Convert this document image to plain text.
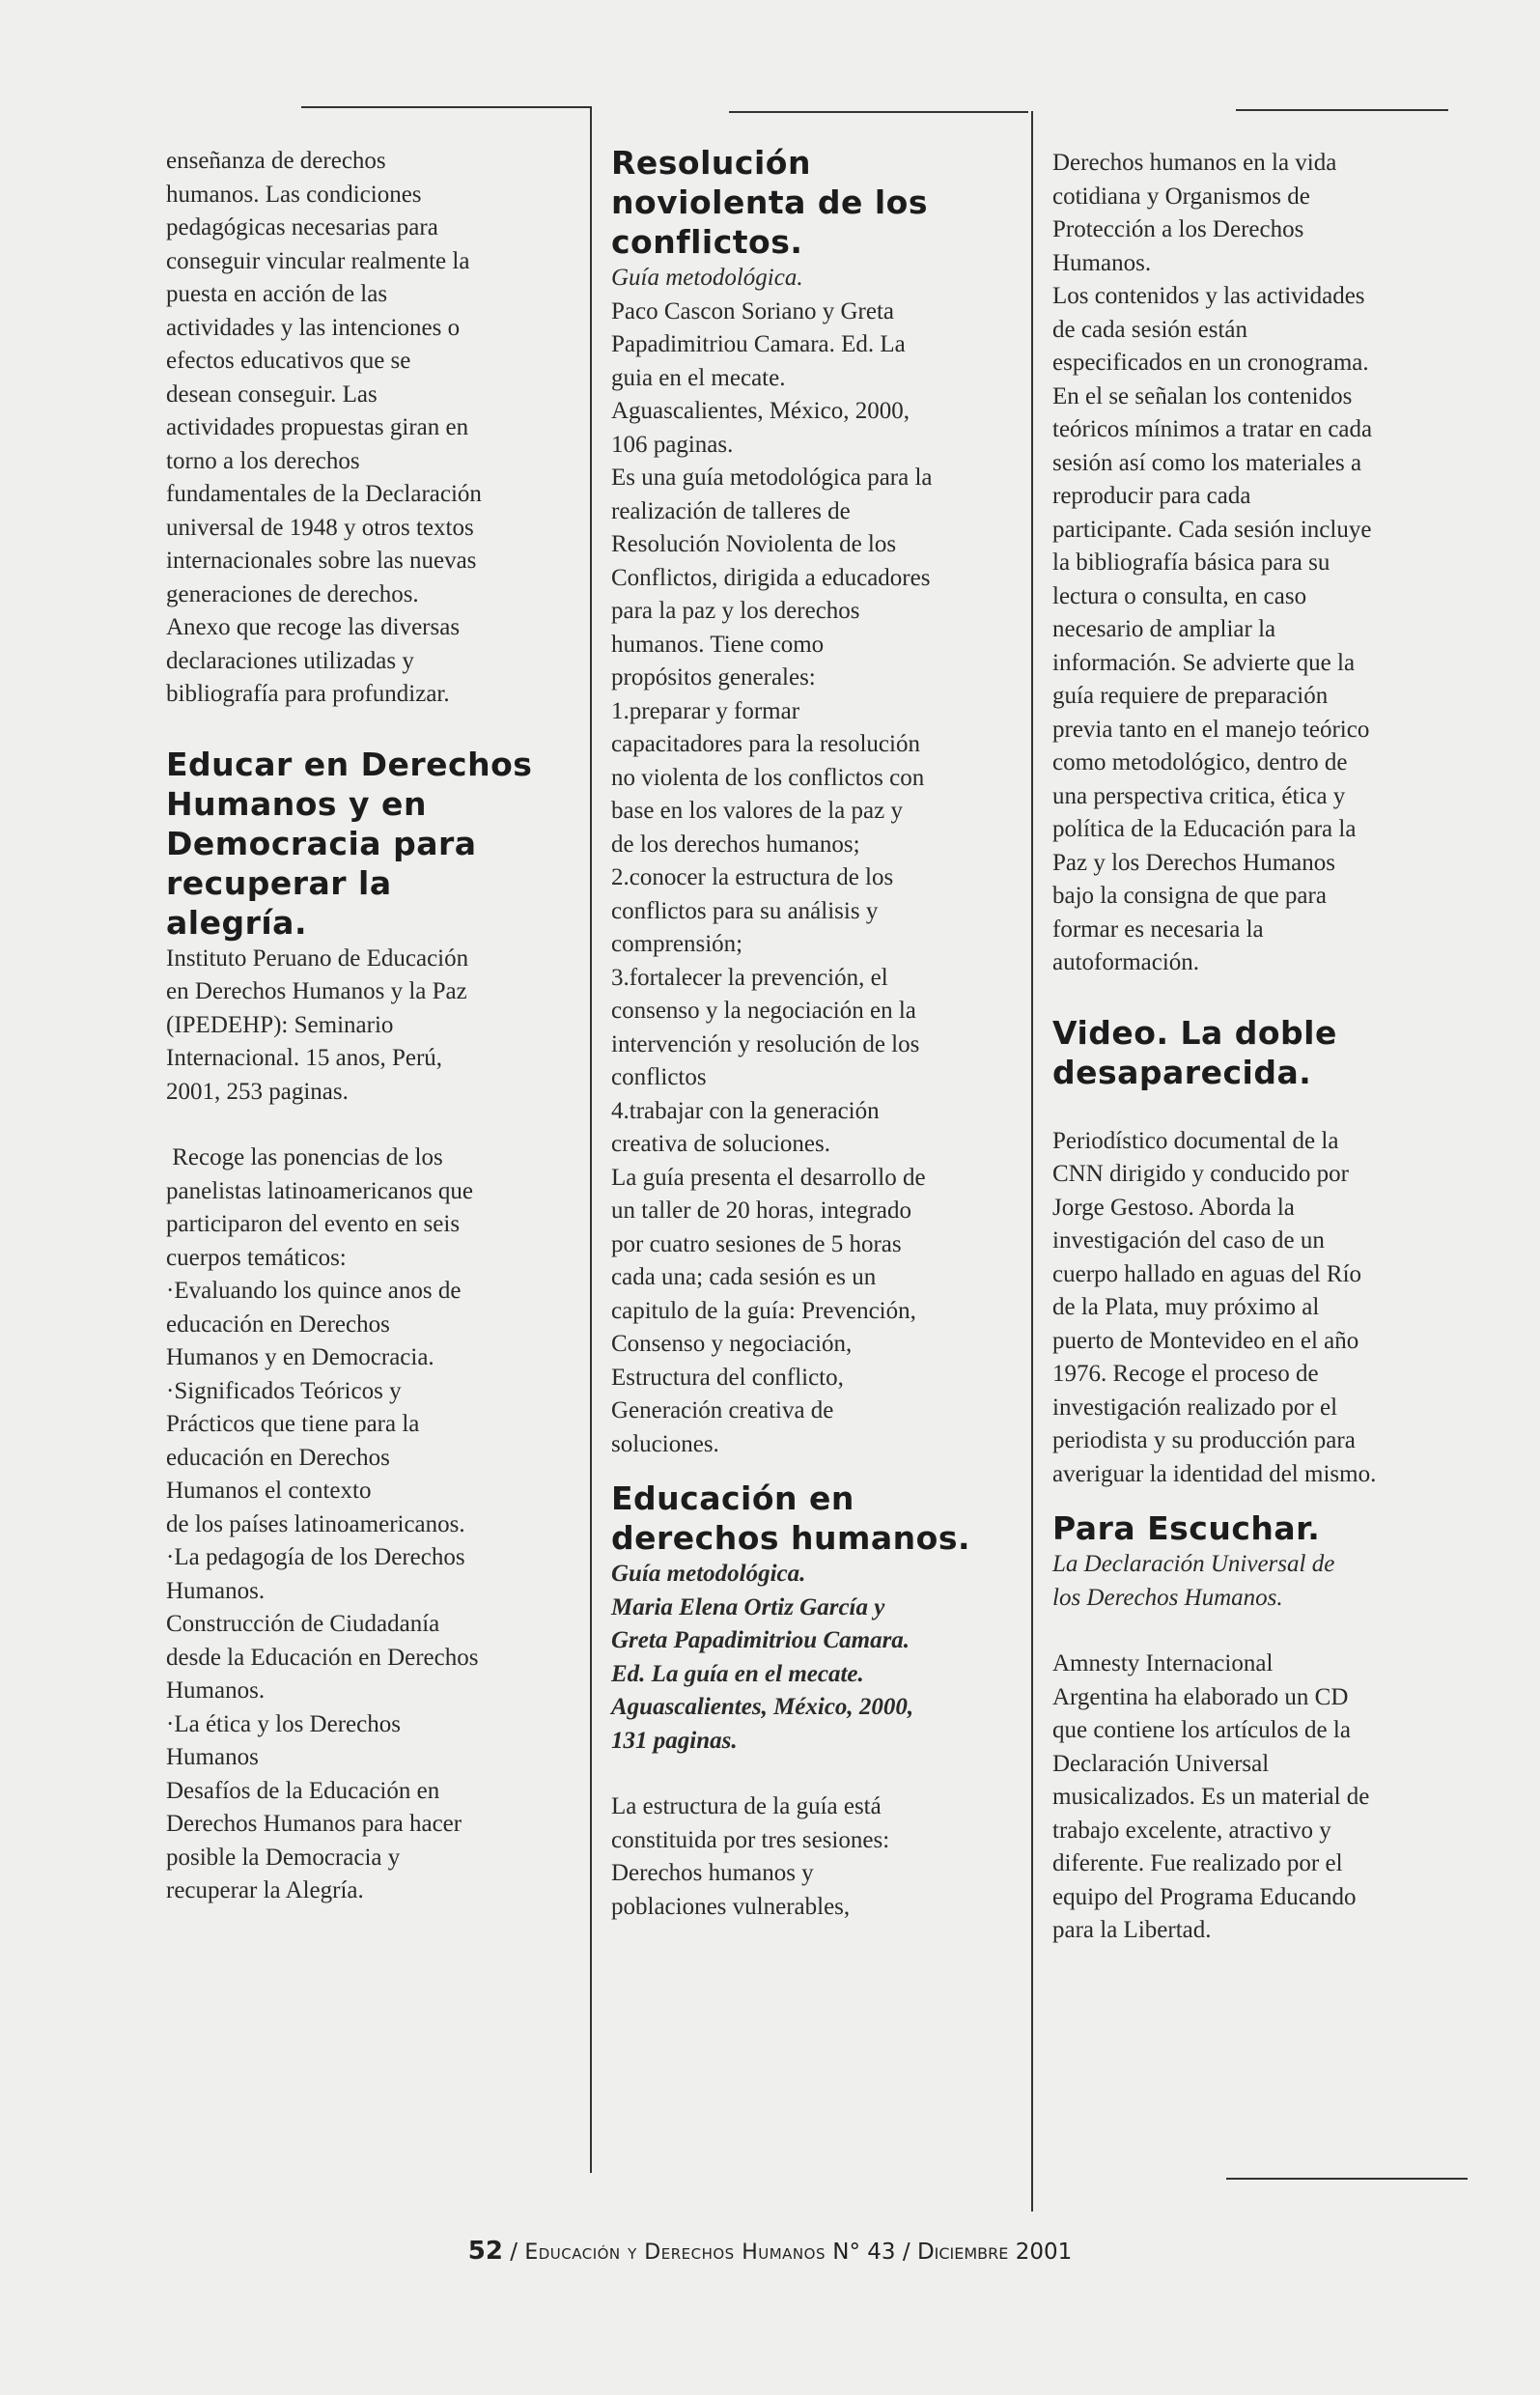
enseñanza de derechos
humanos. Las condiciones
pedagógicas necesarias para
conseguir vincular realmente la
puesta en acción de las
actividades y las intenciones o
efectos educativos que se
desean conseguir. Las
actividades propuestas giran en
torno a los derechos
fundamentales de la Declaración
universal de 1948 y otros textos
internacionales sobre las nuevas
generaciones de derechos.
Anexo que recoge las diversas
declaraciones utilizadas y
bibliografía para profundizar.
Educar en Derechos
Humanos y en
Democracia para
recuperar la
alegría.
Instituto Peruano de Educación
en Derechos Humanos y la Paz
(IPEDEHP): Seminario
Internacional. 15 anos, Perú,
2001, 253 paginas.
Recoge las ponencias de los
panelistas latinoamericanos que
participaron del evento en seis
cuerpos temáticos:
·Evaluando los quince anos de
educación en Derechos
Humanos y en Democracia.
·Significados Teóricos y
Prácticos que tiene para la
educación en Derechos
Humanos el contexto
de los países latinoamericanos.
·La pedagogía de los Derechos
Humanos.
Construcción de Ciudadanía
desde la Educación en Derechos
Humanos.
·La ética y los Derechos
Humanos
Desafíos de la Educación en
Derechos Humanos para hacer
posible la Democracia y
recuperar la Alegría.
Resolución
noviolenta de los
conflictos.
Guía metodológica.
Paco Cascon Soriano y Greta
Papadimitriou Camara. Ed. La
guia en el mecate.
Aguascalientes, México, 2000,
106 paginas.
Es una guía metodológica para la
realización de talleres de
Resolución Noviolenta de los
Conflictos, dirigida a educadores
para la paz y los derechos
humanos. Tiene como
propósitos generales:
1.preparar y formar
capacitadores para la resolución
no violenta de los conflictos con
base en los valores de la paz y
de los derechos humanos;
2.conocer la estructura de los
conflictos para su análisis y
comprensión;
3.fortalecer la prevención, el
consenso y la negociación en la
intervención y resolución de los
conflictos
4.trabajar con la generación
creativa de soluciones.
La guía presenta el desarrollo de
un taller de 20 horas, integrado
por cuatro sesiones de 5 horas
cada una; cada sesión es un
capitulo de la guía: Prevención,
Consenso y negociación,
Estructura del conflicto,
Generación creativa de
soluciones.
Educación en
derechos humanos.
Guía metodológica.
Maria Elena Ortiz García y
Greta Papadimitriou Camara.
Ed. La guía en el mecate.
Aguascalientes, México, 2000,
131 paginas.
La estructura de la guía está
constituida por tres sesiones:
Derechos humanos y
poblaciones vulnerables,
Derechos humanos en la vida
cotidiana y Organismos de
Protección a los Derechos
Humanos.
Los contenidos y las actividades
de cada sesión están
especificados en un cronograma.
En el se señalan los contenidos
teóricos mínimos a tratar en cada
sesión así como los materiales a
reproducir para cada
participante. Cada sesión incluye
la bibliografía básica para su
lectura o consulta, en caso
necesario de ampliar la
información. Se advierte que la
guía requiere de preparación
previa tanto en el manejo teórico
como metodológico, dentro de
una perspectiva critica, ética y
política de la Educación para la
Paz y los Derechos Humanos
bajo la consigna de que para
formar es necesaria la
autoformación.
Video. La doble
desaparecida.
Periodístico documental de la
CNN dirigido y conducido por
Jorge Gestoso. Aborda la
investigación del caso de un
cuerpo hallado en aguas del Río
de la Plata, muy próximo al
puerto de Montevideo en el año
1976. Recoge el proceso de
investigación realizado por el
periodista y su producción para
averiguar la identidad del mismo.
Para Escuchar.
La Declaración Universal de
los Derechos Humanos.
Amnesty Internacional
Argentina ha elaborado un CD
que contiene los artículos de la
Declaración Universal
musicalizados. Es un material de
trabajo excelente, atractivo y
diferente. Fue realizado por el
equipo del Programa Educando
para la Libertad.
52 / Educación y Derechos Humanos N° 43 / Diciembre 2001
